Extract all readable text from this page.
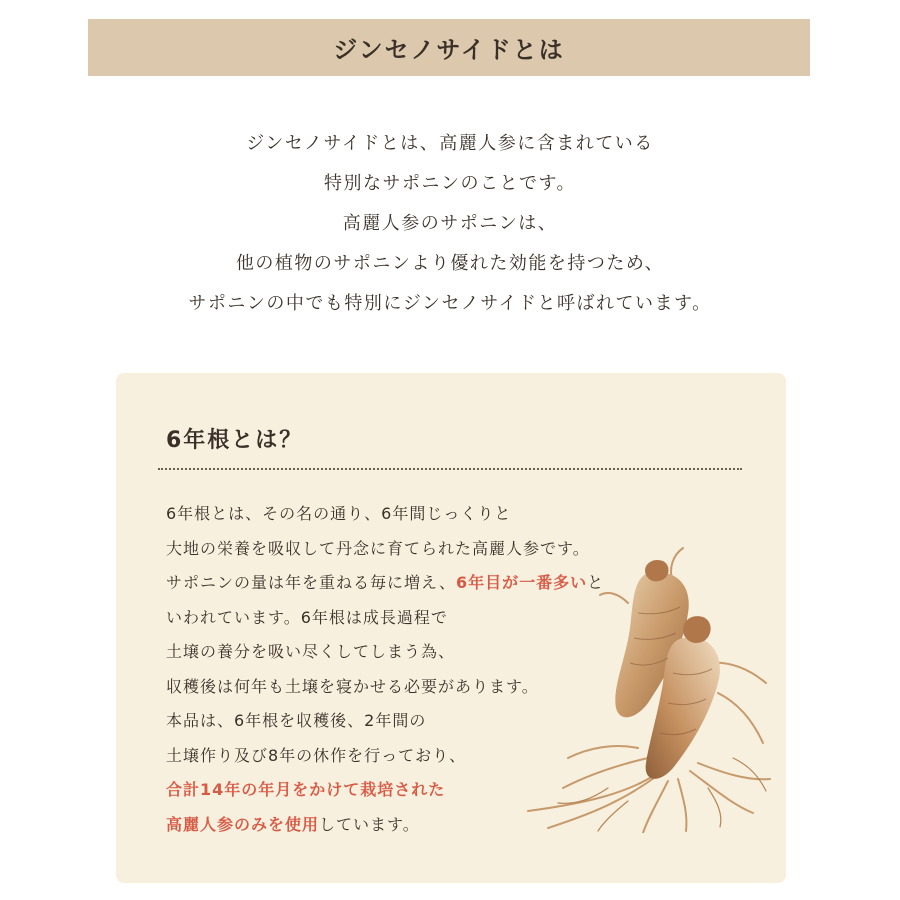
ジンセノサイドとは
ジンセノサイドとは、高麗人参に含まれている
特別なサポニンのことです。
高麗人参のサポニンは、
他の植物のサポニンより優れた効能を持つため、
サポニンの中でも特別にジンセノサイドと呼ばれています。
6年根とは？
6年根とは、その名の通り、6年間じっくりと
大地の栄養を吸収して丹念に育てられた高麗人参です。
サポニンの量は年を重ねる毎に増え、6年目が一番多いと
いわれています。6年根は成長過程で
土壌の養分を吸い尽くしてしまう為、
収穫後は何年も土壌を寝かせる必要があります。
本品は、6年根を収穫後、2年間の
土壌作り及び8年の休作を行っており、
合計14年の年月をかけて栽培された
高麗人参のみを使用しています。
